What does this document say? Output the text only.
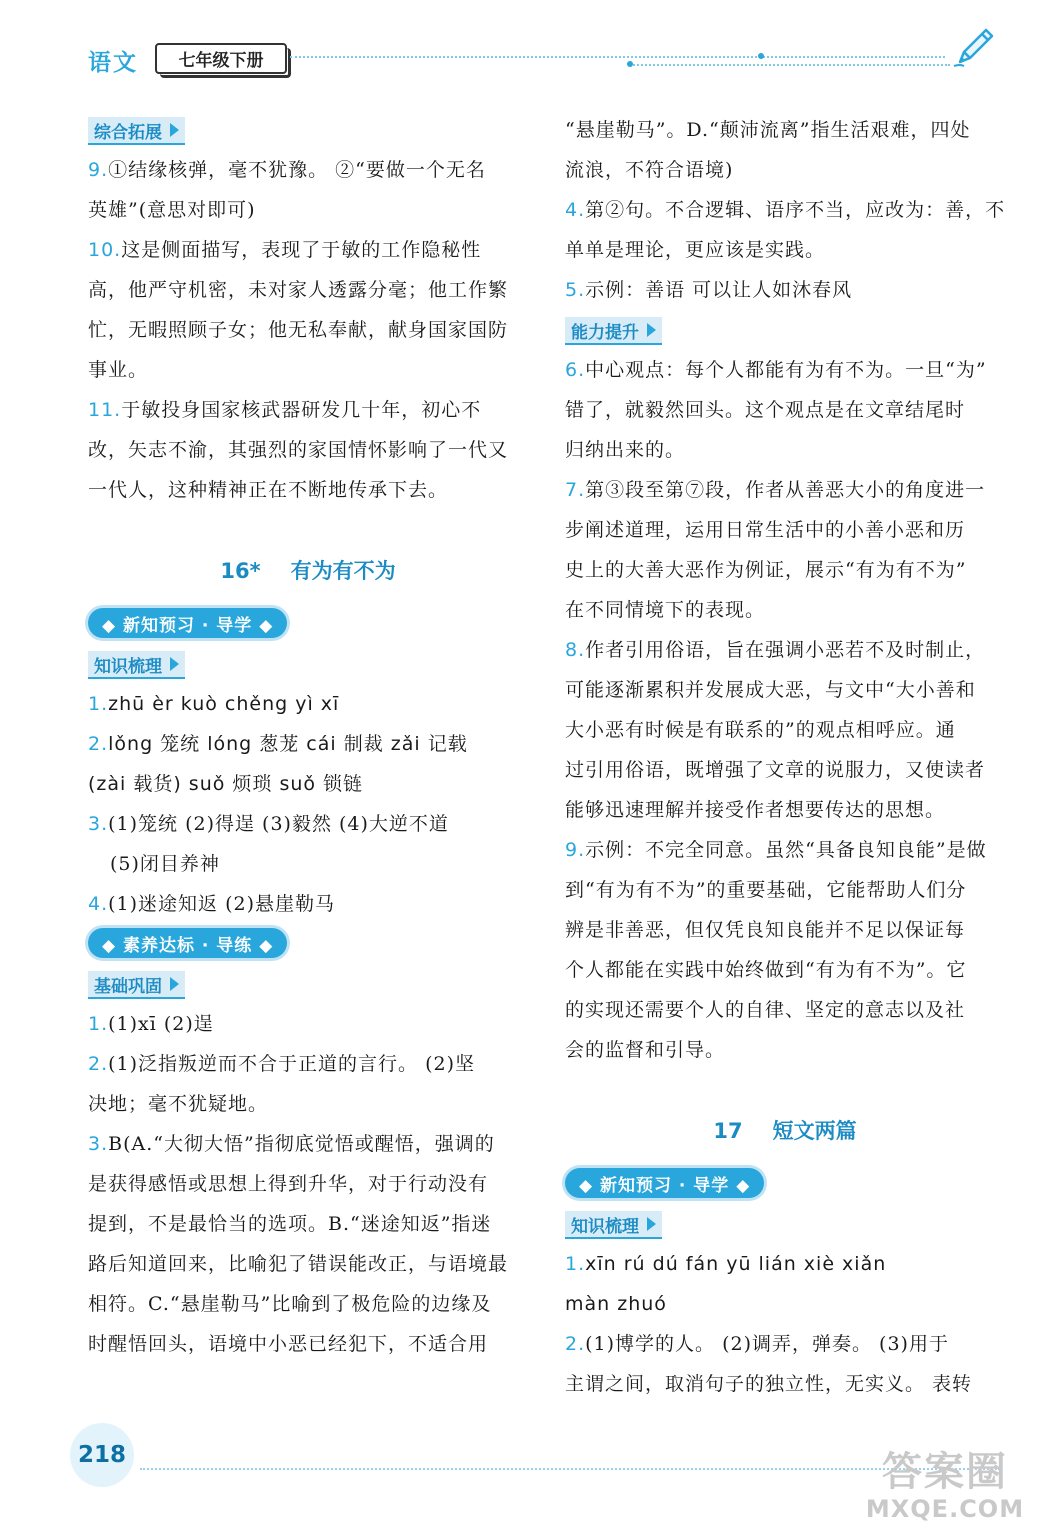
语文	七年级下册
综合拓展
9.①结缘核弹，毫不犹豫。 ②“要做一个无名
英雄”(意思对即可)
10.这是侧面描写，表现了于敏的工作隐秘性
高，他严守机密，未对家人透露分毫；他工作繁
忙，无暇照顾子女；他无私奉献，献身国家国防
事业。
11.于敏投身国家核武器研发几十年，初心不
改，矢志不渝，其强烈的家国情怀影响了一代又
一代人，这种精神正在不断地传承下去。
16* 有为有不为
◆ 新知预习 · 导学 ◆
知识梳理
1.zhū èr kuò chěng yì xī
2.lǒng 笼统 lóng 葱茏 cái 制裁 zǎi 记载
(zài 载货) suǒ 烦琐 suǒ 锁链
3.(1)笼统 (2)得逞 (3)毅然 (4)大逆不道
(5)闭目养神
4.(1)迷途知返 (2)悬崖勒马
◆ 素养达标 · 导练 ◆
基础巩固
1.(1)xī (2)逞
2.(1)泛指叛逆而不合于正道的言行。 (2)坚
决地；毫不犹疑地。
3.B(A.“大彻大悟”指彻底觉悟或醒悟，强调的
是获得感悟或思想上得到升华，对于行动没有
提到，不是最恰当的选项。B.“迷途知返”指迷
路后知道回来，比喻犯了错误能改正，与语境最
相符。C.“悬崖勒马”比喻到了极危险的边缘及
时醒悟回头，语境中小恶已经犯下，不适合用
“悬崖勒马”。D.“颠沛流离”指生活艰难，四处
流浪，不符合语境)
4.第②句。不合逻辑、语序不当，应改为：善，不
单单是理论，更应该是实践。
5.示例：善语 可以让人如沐春风
能力提升
6.中心观点：每个人都能有为有不为。一旦“为”
错了，就毅然回头。这个观点是在文章结尾时
归纳出来的。
7.第③段至第⑦段，作者从善恶大小的角度进一
步阐述道理，运用日常生活中的小善小恶和历
史上的大善大恶作为例证，展示“有为有不为”
在不同情境下的表现。
8.作者引用俗语，旨在强调小恶若不及时制止，
可能逐渐累积并发展成大恶，与文中“大小善和
大小恶有时候是有联系的”的观点相呼应。通
过引用俗语，既增强了文章的说服力，又使读者
能够迅速理解并接受作者想要传达的思想。
9.示例：不完全同意。虽然“具备良知良能”是做
到“有为有不为”的重要基础，它能帮助人们分
辨是非善恶，但仅凭良知良能并不足以保证每
个人都能在实践中始终做到“有为有不为”。它
的实现还需要个人的自律、坚定的意志以及社
会的监督和引导。
17 短文两篇
◆ 新知预习 · 导学 ◆
知识梳理
1.xīn rú dú fán yū lián xiè xiǎn
màn zhuó
2.(1)博学的人。 (2)调弄，弹奏。 (3)用于
主谓之间，取消句子的独立性，无实义。 表转
218	答案圈
MXQE.COM
